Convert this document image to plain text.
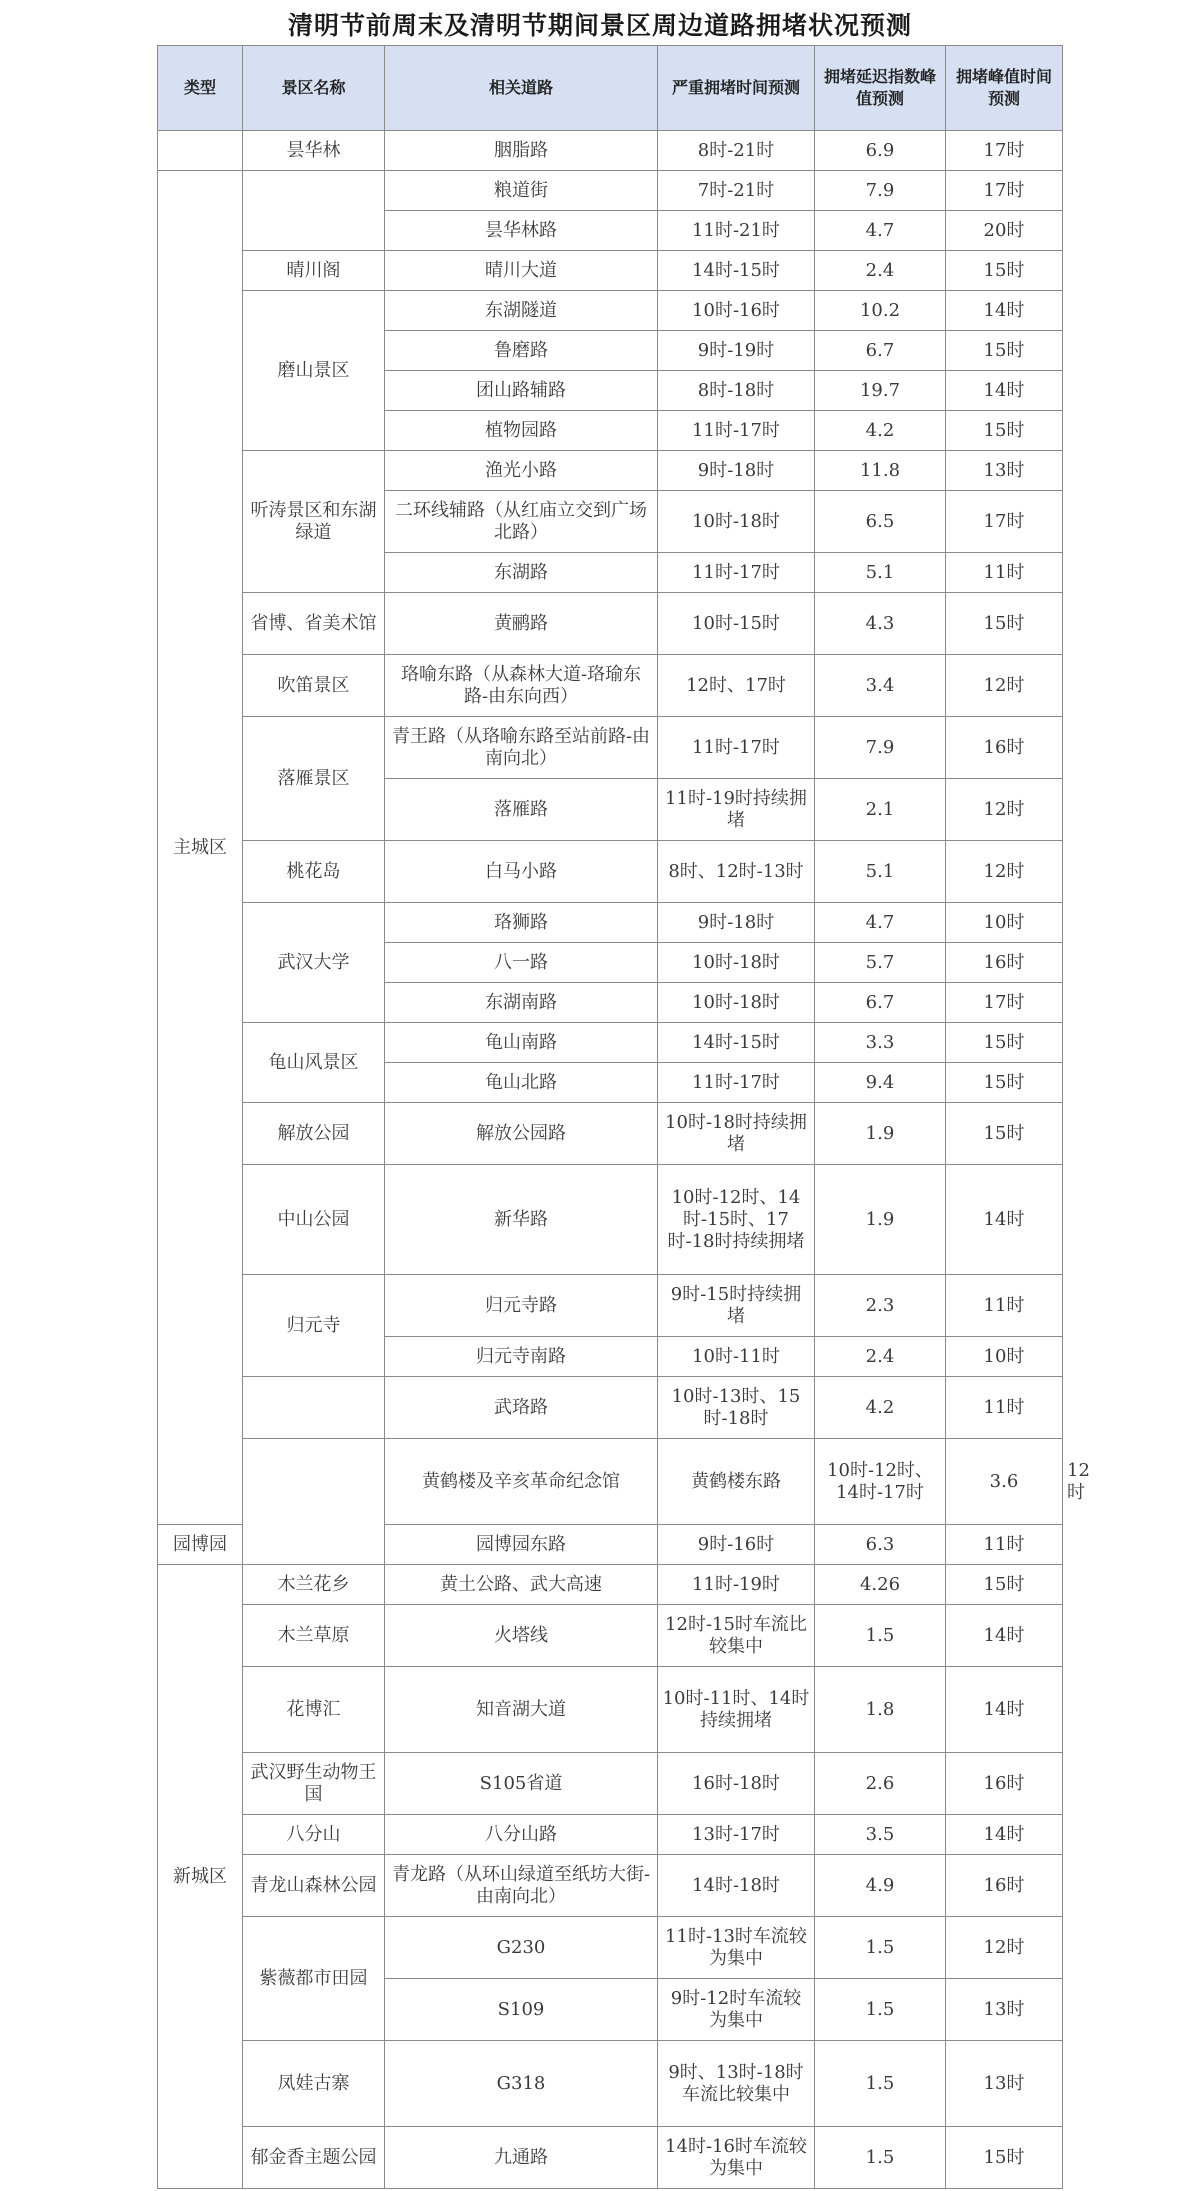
清明节前周末及清明节期间景区周边道路拥堵状况预测
类型	景区名称	相关道路	严重拥堵时间预测	拥堵延迟指数峰值预测	拥堵峰值时间预测	
	昙华林	胭脂路	8时-21时	6.9	17时	
主城区		粮道街	7时-21时	7.9	17时	
		昙华林路	11时-21时	4.7	20时	
	晴川阁	晴川大道	14时-15时	2.4	15时	
	磨山景区	东湖隧道	10时-16时	10.2	14时	
		鲁磨路	9时-19时	6.7	15时	
		团山路辅路	8时-18时	19.7	14时	
		植物园路	11时-17时	4.2	15时	
	听涛景区和东湖绿道	渔光小路	9时-18时	11.8	13时	
		二环线辅路（从红庙立交到广场北路）	10时-18时	6.5	17时	
		东湖路	11时-17时	5.1	11时	
	省博、省美术馆	黄鹂路	10时-15时	4.3	15时	
	吹笛景区	珞喻东路（从森林大道-珞瑜东路-由东向西）	12时、17时	3.4	12时	
	落雁景区	青王路（从珞喻东路至站前路-由南向北）	11时-17时	7.9	16时	
		落雁路	11时-19时持续拥堵	2.1	12时	
	桃花岛	白马小路	8时、12时-13时	5.1	12时	
	武汉大学	珞狮路	9时-18时	4.7	10时	
		八一路	10时-18时	5.7	16时	
		东湖南路	10时-18时	6.7	17时	
	龟山风景区	龟山南路	14时-15时	3.3	15时	
		龟山北路	11时-17时	9.4	15时	
	解放公园	解放公园路	10时-18时持续拥堵	1.9	15时	
	中山公园	新华路	10时-12时、14时-15时、17时-18时持续拥堵	1.9	14时	
	归元寺	归元寺路	9时-15时持续拥堵	2.3	11时	
		归元寺南路	10时-11时	2.4	10时	
		武珞路	10时-13时、15时-18时	4.2	11时	
		黄鹤楼及辛亥革命纪念馆	黄鹤楼东路	10时-12时、14时-17时	3.6	12时
园博园		园博园东路	9时-16时	6.3	11时	
新城区	木兰花乡	黄土公路、武大高速	11时-19时	4.26	15时	
	木兰草原	火塔线	12时-15时车流比较集中	1.5	14时	
	花博汇	知音湖大道	10时-11时、14时持续拥堵	1.8	14时	
	武汉野生动物王国	S105省道	16时-18时	2.6	16时	
	八分山	八分山路	13时-17时	3.5	14时	
	青龙山森林公园	青龙路（从环山绿道至纸坊大街-由南向北）	14时-18时	4.9	16时	
	紫薇都市田园	G230	11时-13时车流较为集中	1.5	12时	
		S109	9时-12时车流较为集中	1.5	13时	
	凤娃古寨	G318	9时、13时-18时车流比较集中	1.5	13时	
	郁金香主题公园	九通路	14时-16时车流较为集中	1.5	15时	
